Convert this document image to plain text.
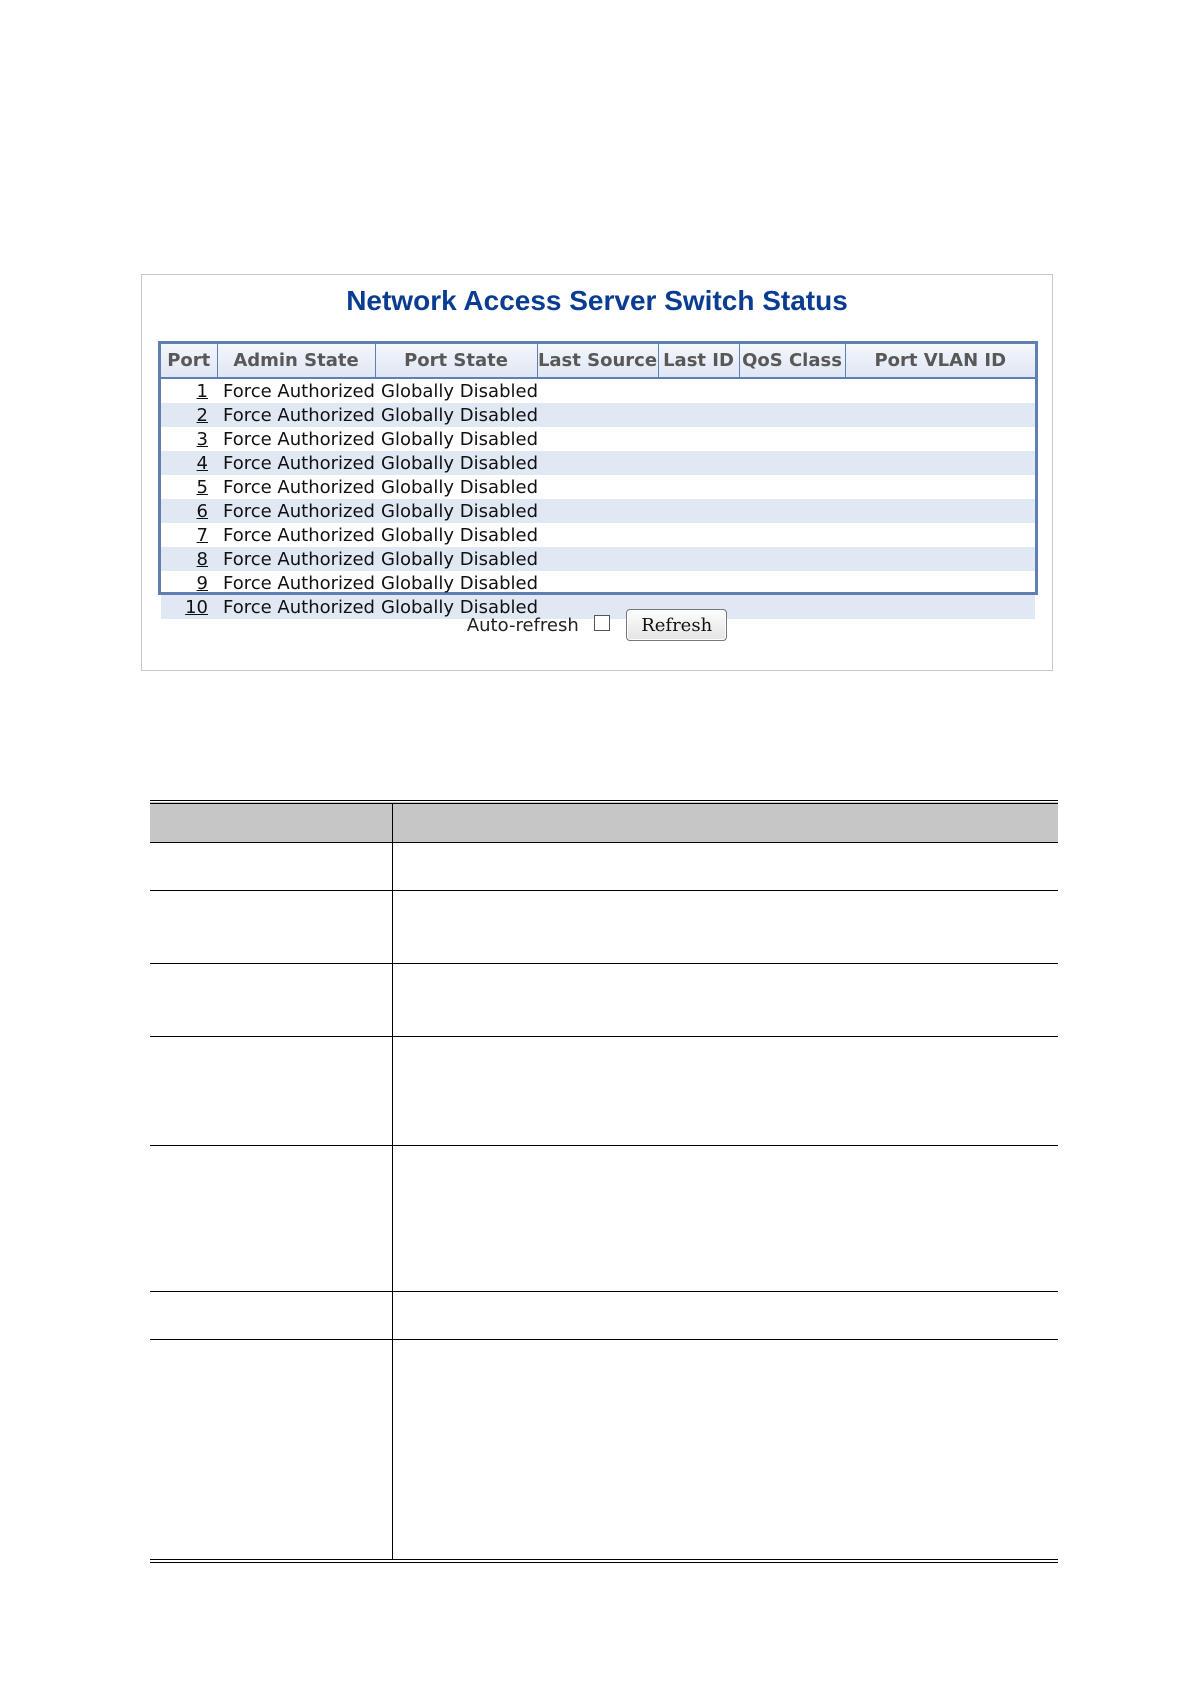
Network Access Server Switch Status
Port	Admin State	Port State	Last Source	Last ID	QoS Class	Port VLAN ID
1	Force Authorized	Globally Disabled				
2	Force Authorized	Globally Disabled				
3	Force Authorized	Globally Disabled				
4	Force Authorized	Globally Disabled				
5	Force Authorized	Globally Disabled				
6	Force Authorized	Globally Disabled				
7	Force Authorized	Globally Disabled				
8	Force Authorized	Globally Disabled				
9	Force Authorized	Globally Disabled				
10	Force Authorized	Globally Disabled				
Auto-refresh	Refresh
